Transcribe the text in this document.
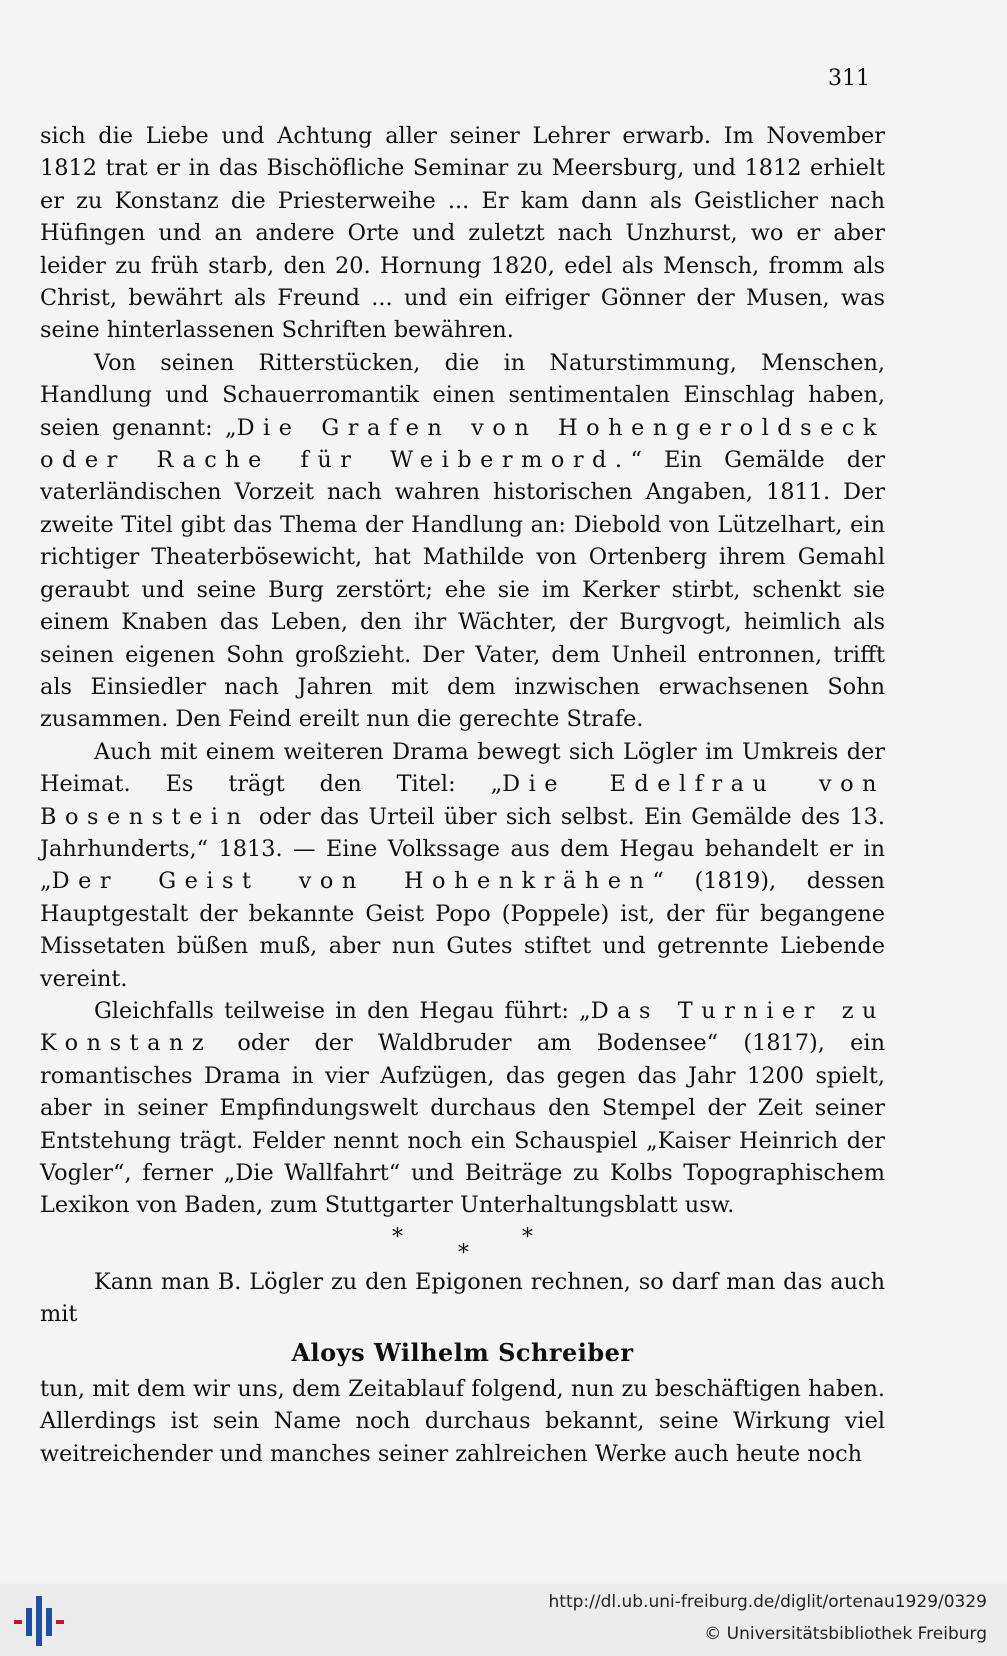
311

sich die Liebe und Achtung aller seiner Lehrer erwarb. Im November 1812 trat er in das Bischöfliche Seminar zu Meersburg, und 1812 erhielt er zu Konstanz die Priesterweihe ... Er kam dann als Geistlicher nach Hüfingen und an andere Orte und zuletzt nach Unzhurst, wo er aber leider zu früh starb, den 20. Hornung 1820, edel als Mensch, fromm als Christ, bewährt als Freund ... und ein eifriger Gönner der Musen, was seine hinterlassenen Schriften bewähren.

Von seinen Ritterstücken, die in Naturstimmung, Menschen, Handlung und Schauerromantik einen sentimentalen Einschlag haben, seien genannt: „Die Grafen von Hohengeroldseck oder Rache für Weibermord.“ Ein Gemälde der vaterländischen Vorzeit nach wahren historischen Angaben, 1811. Der zweite Titel gibt das Thema der Handlung an: Diebold von Lützelhart, ein richtiger Theaterbösewicht, hat Mathilde von Ortenberg ihrem Gemahl geraubt und seine Burg zerstört; ehe sie im Kerker stirbt, schenkt sie einem Knaben das Leben, den ihr Wächter, der Burgvogt, heimlich als seinen eigenen Sohn großzieht. Der Vater, dem Unheil entronnen, trifft als Einsiedler nach Jahren mit dem inzwischen erwachsenen Sohn zusammen. Den Feind ereilt nun die gerechte Strafe.

Auch mit einem weiteren Drama bewegt sich Lögler im Umkreis der Heimat. Es trägt den Titel: „Die Edelfrau von Bosenstein oder das Urteil über sich selbst. Ein Gemälde des 13. Jahrhunderts,“ 1813. — Eine Volkssage aus dem Hegau behandelt er in „Der Geist von Hohenkrähen“ (1819), dessen Hauptgestalt der bekannte Geist Popo (Poppele) ist, der für begangene Missetaten büßen muß, aber nun Gutes stiftet und getrennte Liebende vereint.

Gleichfalls teilweise in den Hegau führt: „Das Turnier zu Konstanz oder der Waldbruder am Bodensee“ (1817), ein romantisches Drama in vier Aufzügen, das gegen das Jahr 1200 spielt, aber in seiner Empfindungswelt durchaus den Stempel der Zeit seiner Entstehung trägt. Felder nennt noch ein Schauspiel „Kaiser Heinrich der Vogler“, ferner „Die Wallfahrt“ und Beiträge zu Kolbs Topographischem Lexikon von Baden, zum Stuttgarter Unterhaltungsblatt usw.

*
*
*

Kann man B. Lögler zu den Epigonen rechnen, so darf man das auch mit

Aloys Wilhelm Schreiber

tun, mit dem wir uns, dem Zeitablauf folgend, nun zu beschäftigen haben. Allerdings ist sein Name noch durchaus bekannt, seine Wirkung viel weitreichender und manches seiner zahlreichen Werke auch heute noch

http://dl.ub.uni-freiburg.de/diglit/ortenau1929/0329
© Universitätsbibliothek Freiburg
